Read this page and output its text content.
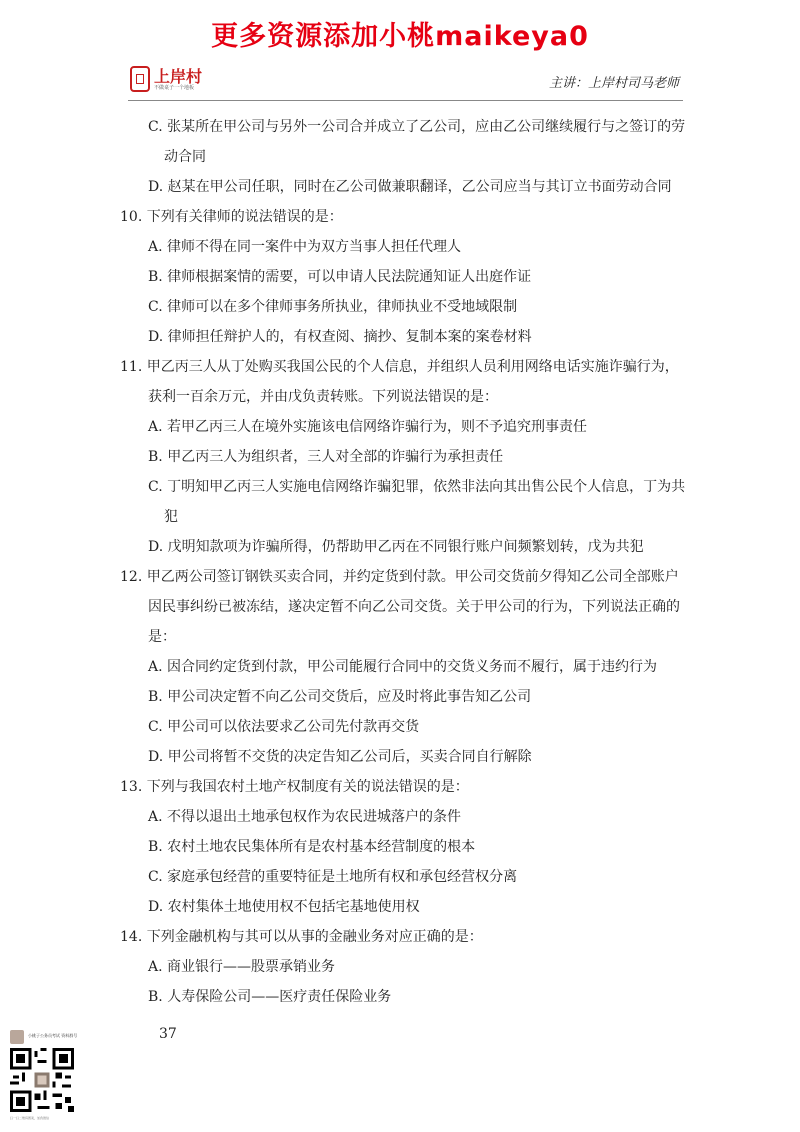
更多资源添加小桃maikeya0
上岸村
不做桌子一个地板	主讲：上岸村司马老师
C. 张某所在甲公司与另外一公司合并成立了乙公司，应由乙公司继续履行与之签订的劳
动合同
D. 赵某在甲公司任职，同时在乙公司做兼职翻译，乙公司应当与其订立书面劳动合同
10. 下列有关律师的说法错误的是：
A. 律师不得在同一案件中为双方当事人担任代理人
B. 律师根据案情的需要，可以申请人民法院通知证人出庭作证
C. 律师可以在多个律师事务所执业，律师执业不受地域限制
D. 律师担任辩护人的，有权查阅、摘抄、复制本案的案卷材料
11. 甲乙丙三人从丁处购买我国公民的个人信息，并组织人员利用网络电话实施诈骗行为，
获利一百余万元，并由戊负责转账。下列说法错误的是：
A. 若甲乙丙三人在境外实施该电信网络诈骗行为，则不予追究刑事责任
B. 甲乙丙三人为组织者，三人对全部的诈骗行为承担责任
C. 丁明知甲乙丙三人实施电信网络诈骗犯罪，依然非法向其出售公民个人信息，丁为共
犯
D. 戊明知款项为诈骗所得，仍帮助甲乙丙在不同银行账户间频繁划转，戊为共犯
12. 甲乙两公司签订钢铁买卖合同，并约定货到付款。甲公司交货前夕得知乙公司全部账户
因民事纠纷已被冻结，遂决定暂不向乙公司交货。关于甲公司的行为，下列说法正确的
是：
A. 因合同约定货到付款，甲公司能履行合同中的交货义务而不履行，属于违约行为
B. 甲公司决定暂不向乙公司交货后，应及时将此事告知乙公司
C. 甲公司可以依法要求乙公司先付款再交货
D. 甲公司将暂不交货的决定告知乙公司后，买卖合同自行解除
13. 下列与我国农村土地产权制度有关的说法错误的是：
A. 不得以退出土地承包权作为农民进城落户的条件
B. 农村土地农民集体所有是农村基本经营制度的根本
C. 家庭承包经营的重要特征是土地所有权和承包经营权分离
D. 农村集体土地使用权不包括宅基地使用权
14. 下列金融机构与其可以从事的金融业务对应正确的是：
A. 商业银行——股票承销业务
B. 人寿保险公司——医疗责任保险业务
37
小桃子公务员考试 资料群号
扫一扫二维码图案，加我微信
